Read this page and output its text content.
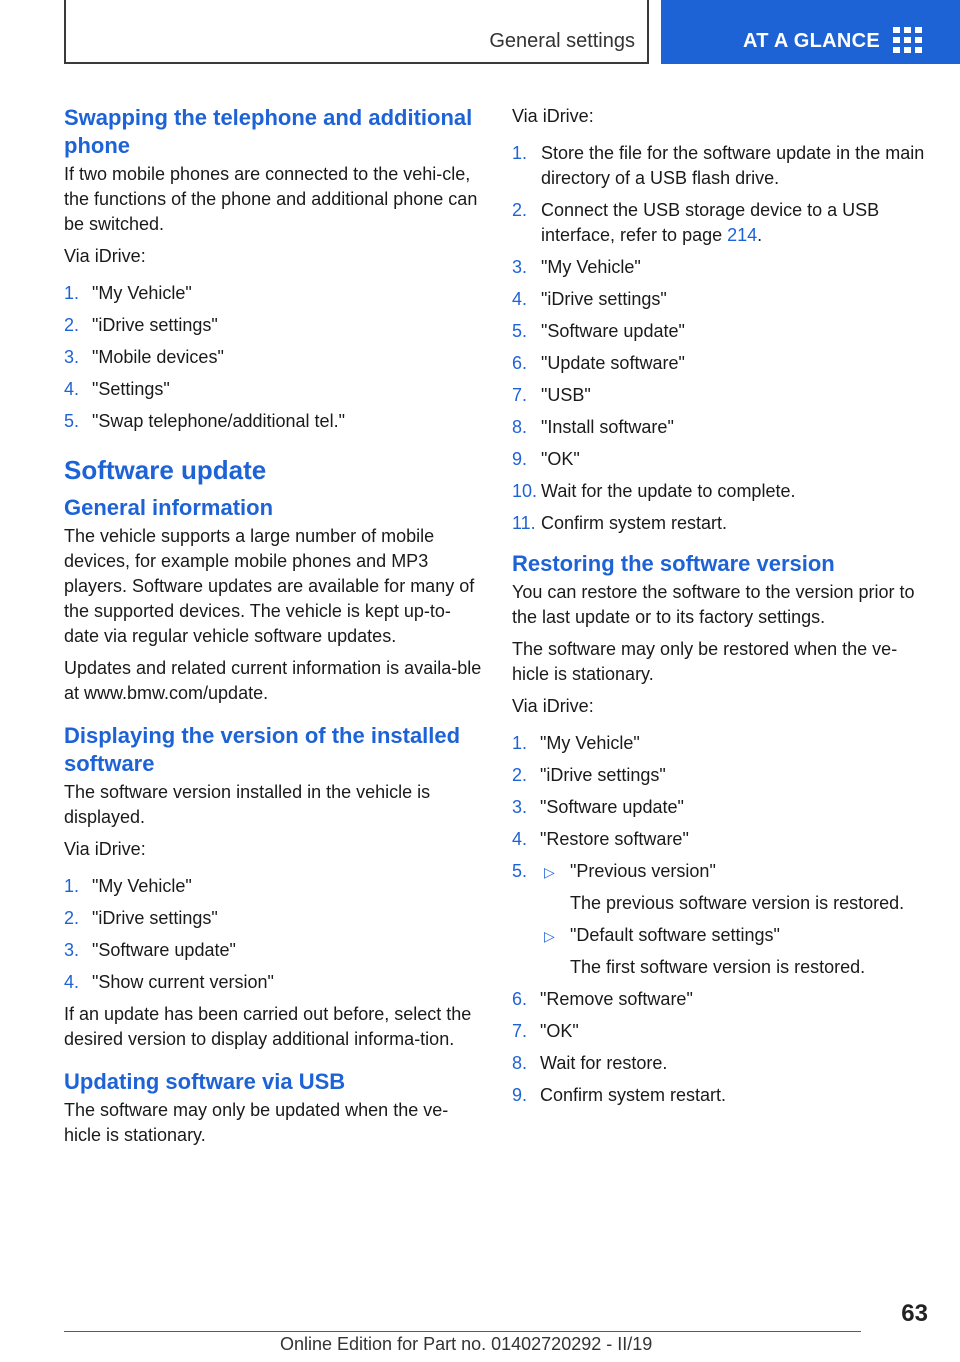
General settings	AT A GLANCE
Swapping the telephone and additional phone

If two mobile phones are connected to the vehi-cle, the functions of the phone and additional phone can be switched.

Via iDrive:

1. "My Vehicle"
2. "iDrive settings"
3. "Mobile devices"
4. "Settings"
5. "Swap telephone/additional tel."
Software update
General information

The vehicle supports a large number of mobile devices, for example mobile phones and MP3 players. Software updates are available for many of the supported devices. The vehicle is kept up-to-date via regular vehicle software updates.

Updates and related current information is availa-ble at www.bmw.com/update.

Displaying the version of the installed software

The software version installed in the vehicle is displayed.

Via iDrive:

1. "My Vehicle"
2. "iDrive settings"
3. "Software update"
4. "Show current version"

If an update has been carried out before, select the desired version to display additional informa-tion.

Updating software via USB

The software may only be updated when the ve-hicle is stationary.

Via iDrive:

1. Store the file for the software update in the main directory of a USB flash drive.
2. Connect the USB storage device to a USB interface, refer to page 214.
3. "My Vehicle"
4. "iDrive settings"
5. "Software update"
6. "Update software"
7. "USB"
8. "Install software"
9. "OK"
10. Wait for the update to complete.
11. Confirm system restart.
Restoring the software version

You can restore the software to the version prior to the last update or to its factory settings.

The software may only be restored when the ve-hicle is stationary.

Via iDrive:

1. "My Vehicle"
2. "iDrive settings"
3. "Software update"
4. "Restore software"
5. ▷ "Previous version"
The previous software version is restored.
▷ "Default software settings"
The first software version is restored.
6. "Remove software"
7. "OK"
8. Wait for restore.
9. Confirm system restart.
63
Online Edition for Part no. 01402720292 - II/19
